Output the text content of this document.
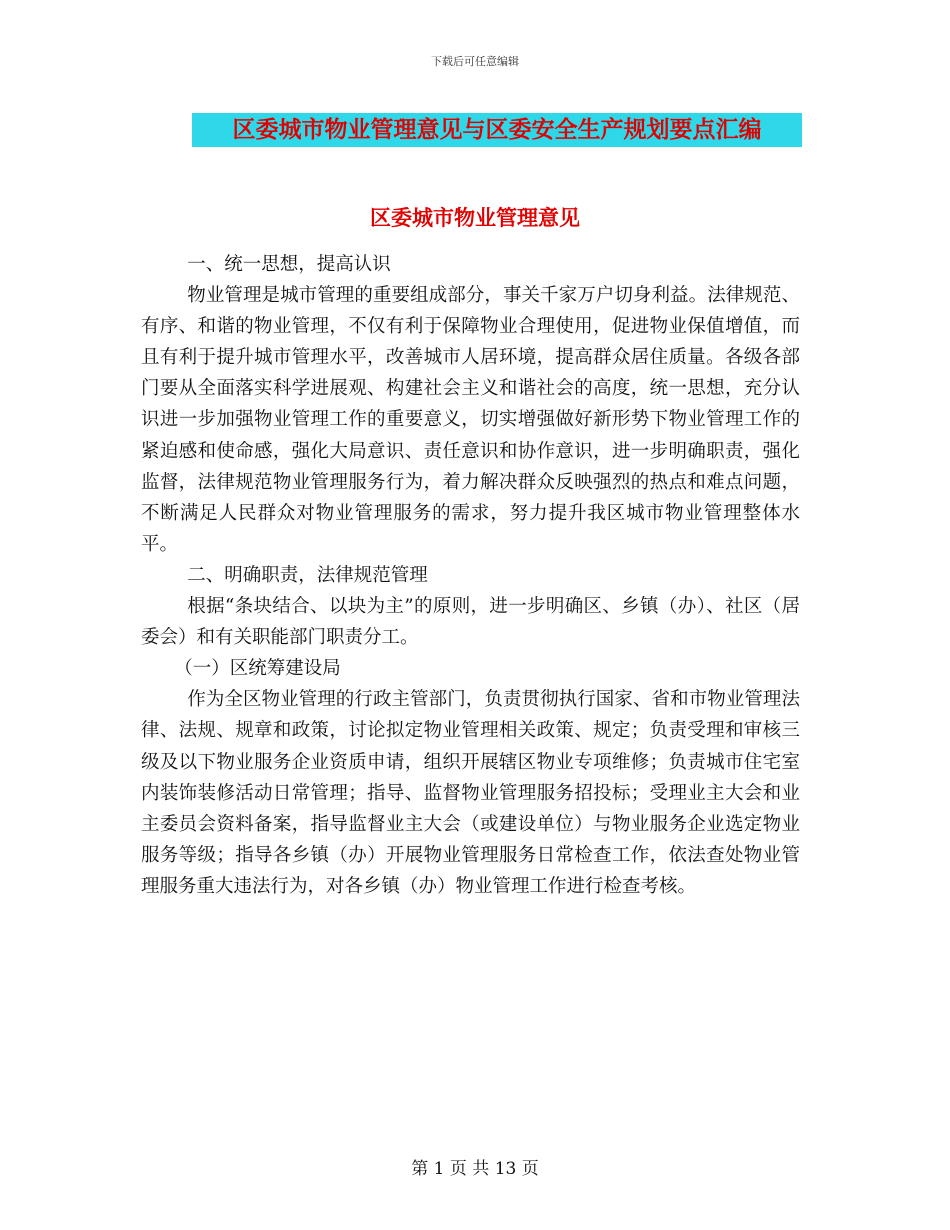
下载后可任意编辑
区委城市物业管理意见与区委安全生产规划要点汇编
区委城市物业管理意见

一、统一思想，提高认识

物业管理是城市管理的重要组成部分，事关千家万户切身利益。法律规范、有序、和谐的物业管理，不仅有利于保障物业合理使用，促进物业保值增值，而且有利于提升城市管理水平，改善城市人居环境，提高群众居住质量。各级各部门要从全面落实科学进展观、构建社会主义和谐社会的高度，统一思想，充分认识进一步加强物业管理工作的重要意义，切实增强做好新形势下物业管理工作的紧迫感和使命感，强化大局意识、责任意识和协作意识，进一步明确职责，强化监督，法律规范物业管理服务行为，着力解决群众反映强烈的热点和难点问题，不断满足人民群众对物业管理服务的需求，努力提升我区城市物业管理整体水平。

二、明确职责，法律规范管理

根据“条块结合、以块为主”的原则，进一步明确区、乡镇（办）、社区（居委会）和有关职能部门职责分工。

（一）区统筹建设局

作为全区物业管理的行政主管部门，负责贯彻执行国家、省和市物业管理法律、法规、规章和政策，讨论拟定物业管理相关政策、规定；负责受理和审核三级及以下物业服务企业资质申请，组织开展辖区物业专项维修；负责城市住宅室内装饰装修活动日常管理；指导、监督物业管理服务招投标；受理业主大会和业主委员会资料备案，指导监督业主大会（或建设单位）与物业服务企业选定物业服务等级；指导各乡镇（办）开展物业管理服务日常检查工作，依法查处物业管理服务重大违法行为，对各乡镇（办）物业管理工作进行检查考核。

第 1 页 共 13 页
